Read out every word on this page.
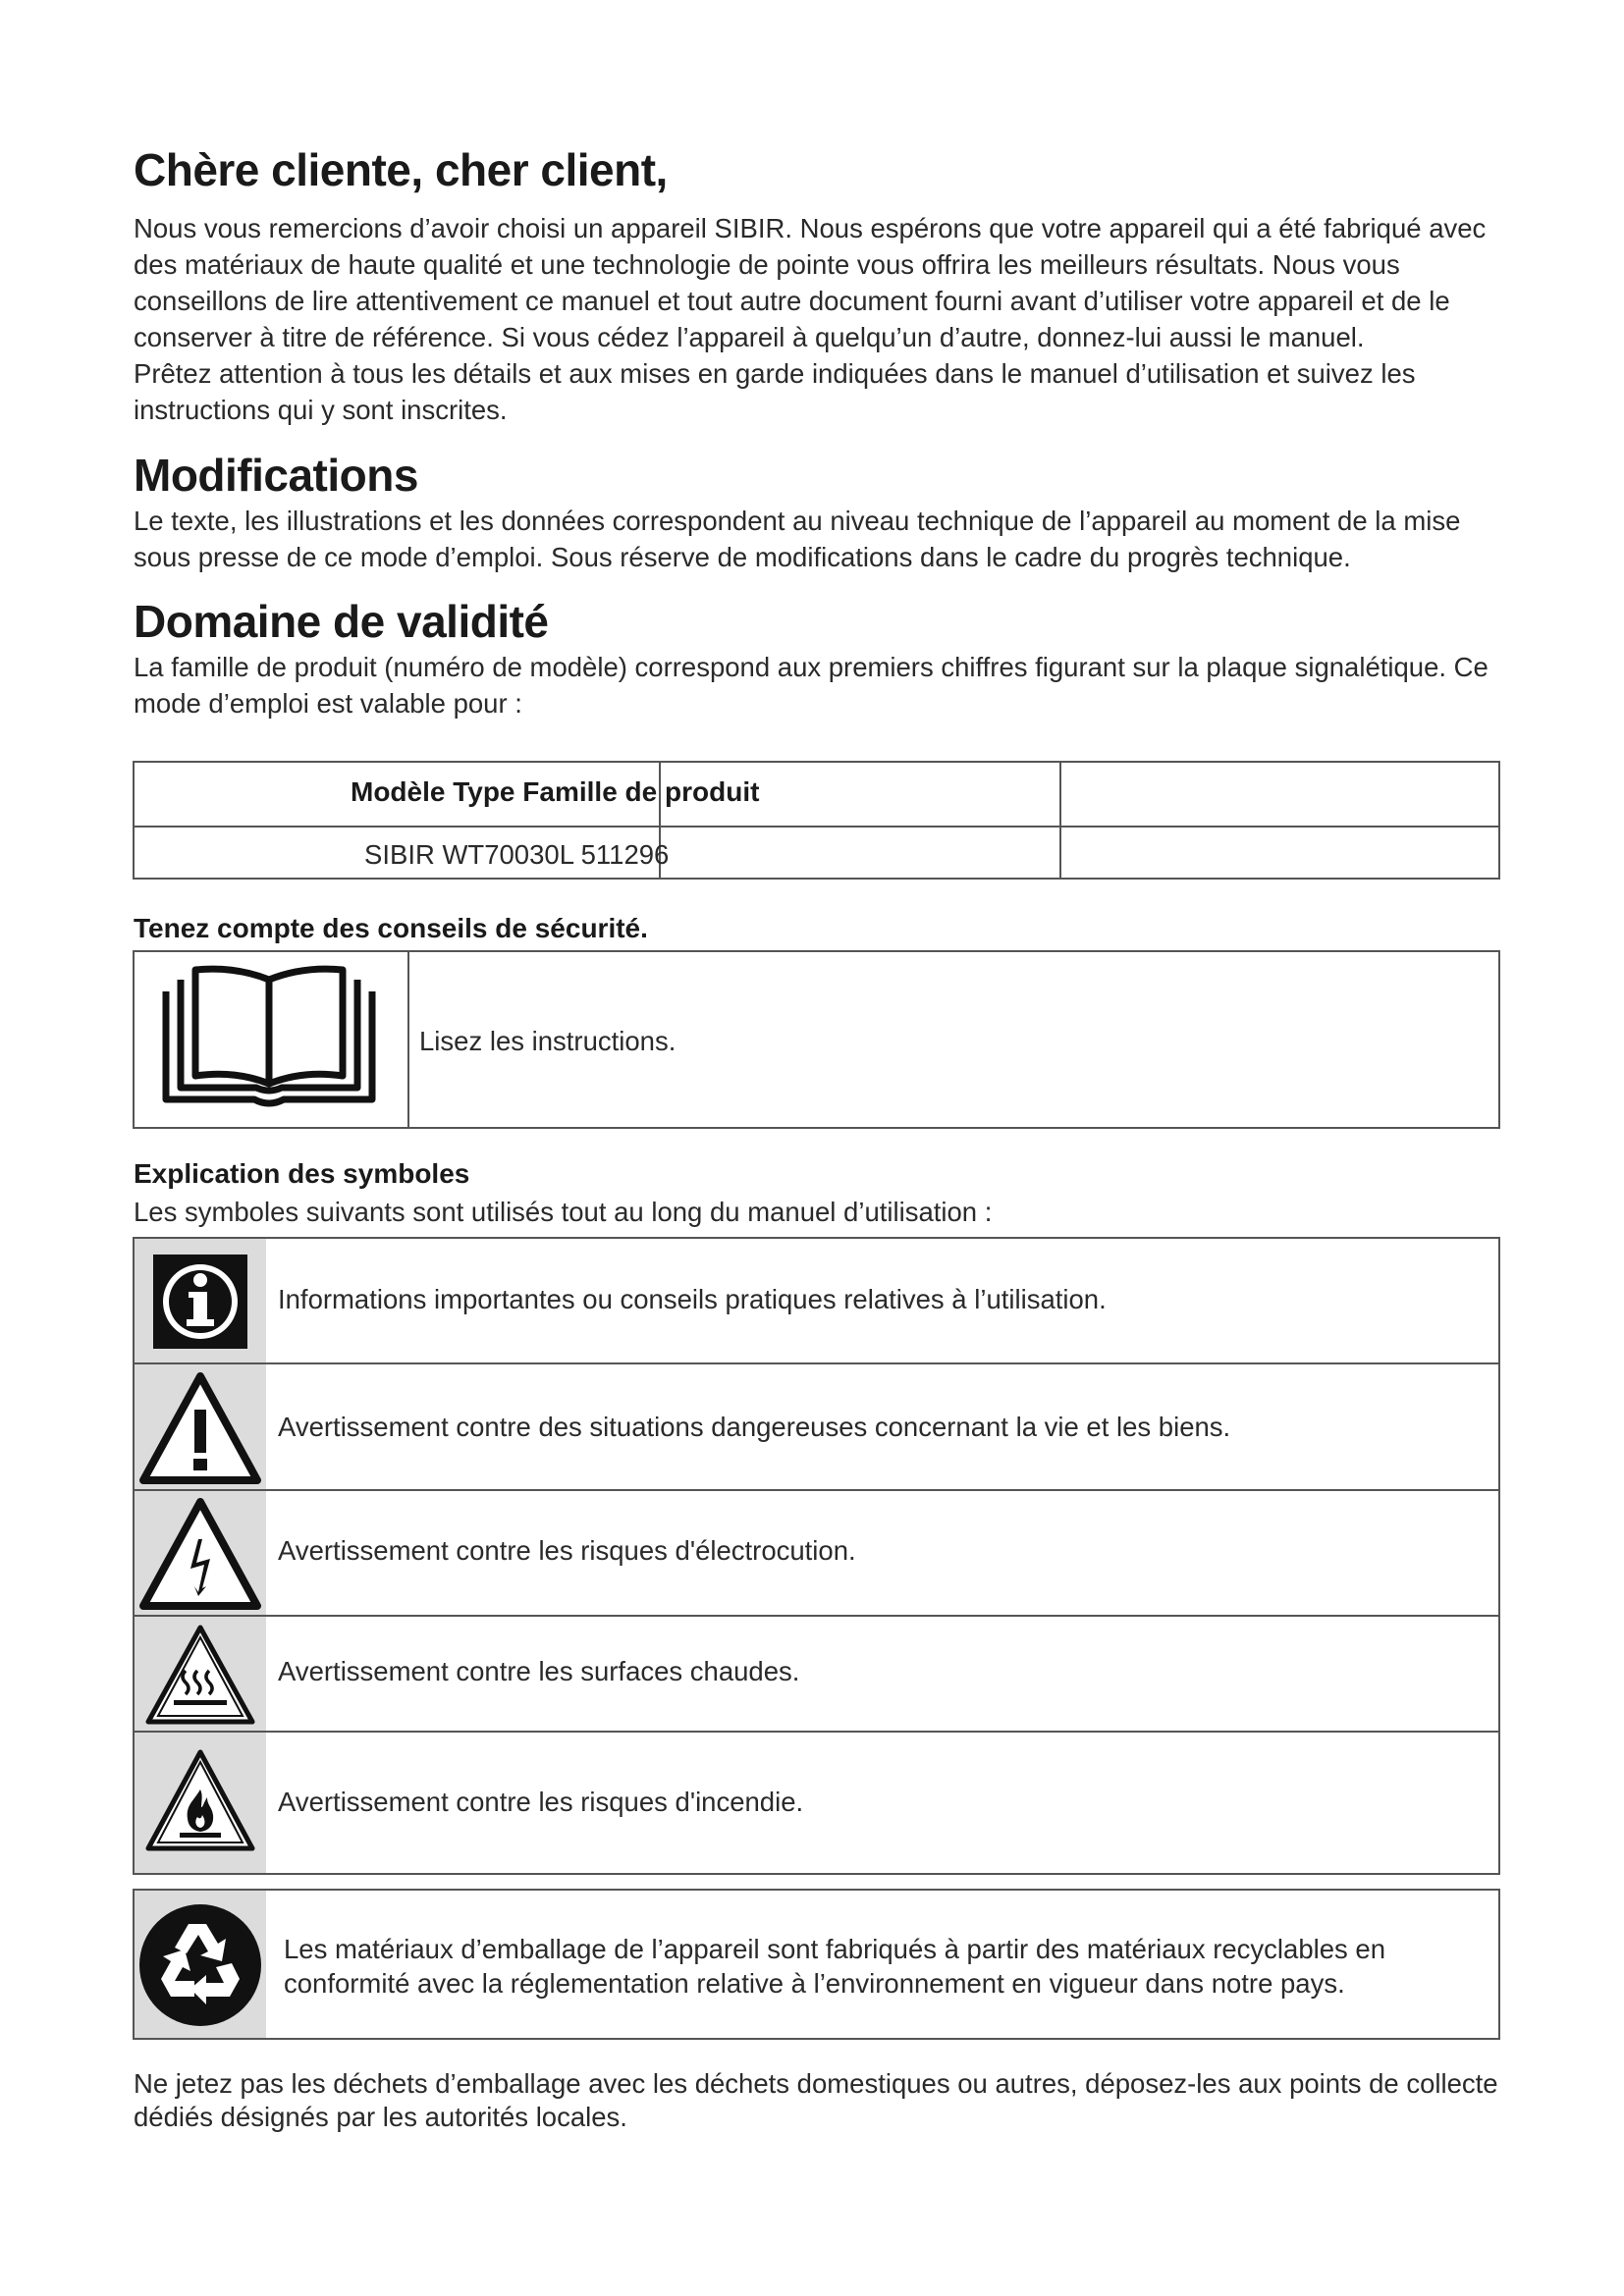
Chère cliente, cher client,

Nous vous remercions d’avoir choisi un appareil SIBIR. Nous espérons que votre appareil qui a été fabriqué avec des matériaux de haute qualité et une technologie de pointe vous offrira les meilleurs résultats. Nous vous conseillons de lire attentivement ce manuel et tout autre document fourni avant d’utiliser votre appareil et de le conserver à titre de référence. Si vous cédez l’appareil à quelqu’un d’autre, donnez-lui aussi le manuel.

Prêtez attention à tous les détails et aux mises en garde indiquées dans le manuel d’utilisation et suivez les instructions qui y sont inscrites.

Modifications

Le texte, les illustrations et les données correspondent au niveau technique de l’appareil au moment de la mise sous presse de ce mode d’emploi. Sous réserve de modifications dans le cadre du progrès technique.

Domaine de validité

La famille de produit (numéro de modèle) correspond aux premiers chiffres figurant sur la plaque signalétique. Ce mode d’emploi est valable pour :

Modèle Type Famille de produit
SIBIR WT70030L 511296
Tenez compte des conseils de sécurité.
Lisez les instructions.
Explication des symboles
Les symboles suivants sont utilisés tout au long du manuel d’utilisation :
Informations importantes ou conseils pratiques relatives à l’utilisation.
Avertissement contre des situations dangereuses concernant la vie et les biens.
Avertissement contre les risques d'électrocution.
Avertissement contre les surfaces chaudes.
Avertissement contre les risques d'incendie.
Les matériaux d’emballage de l’appareil sont fabriqués à partir des matériaux recyclables en conformité avec la réglementation relative à l’environnement en vigueur dans notre pays.
Ne jetez pas les déchets d’emballage avec les déchets domestiques ou autres, déposez-les aux points de collecte dédiés désignés par les autorités locales.
